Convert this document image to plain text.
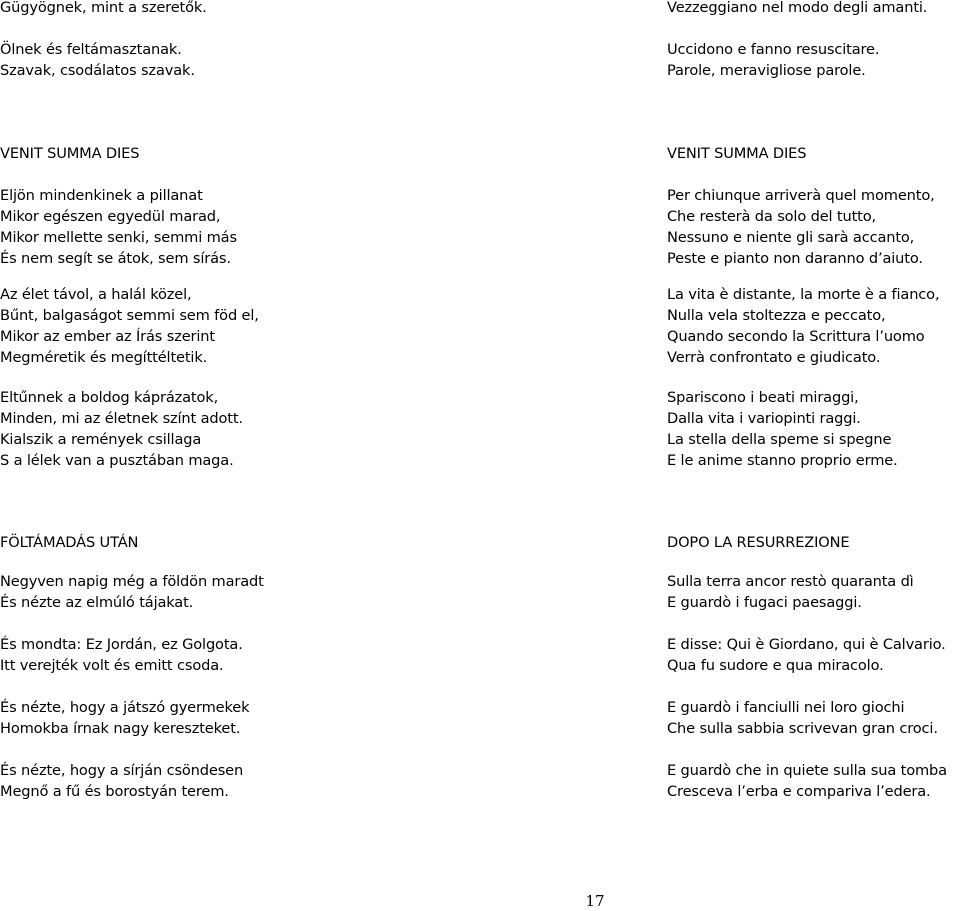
Gügyögnek, mint a szeretők.
Ölnek és feltámasztanak.
Szavak, csodálatos szavak.
VENIT SUMMA DIES
Eljön mindenkinek a pillanat
Mikor egészen egyedül marad,
Mikor mellette senki, semmi más
És nem segít se átok, sem sírás.
Az élet távol, a halál közel,
Bűnt, balgaságot semmi sem föd el,
Mikor az ember az Írás szerint
Megméretik és megíttéltetik.
Eltűnnek a boldog káprázatok,
Minden, mi az életnek színt adott.
Kialszik a remények csillaga
S a lélek van a pusztában maga.
FÖLTÁMADÁS UTÁN
Negyven napig még a földön maradt
És nézte az elmúló tájakat.
És mondta: Ez Jordán, ez Golgota.
Itt verejték volt és emitt csoda.
És nézte, hogy a játszó gyermekek
Homokba írnak nagy kereszteket.
És nézte, hogy a sírján csöndesen
Megnő a fű és borostyán terem.
Vezzeggiano nel modo degli amanti.
Uccidono e fanno resuscitare.
Parole, meravigliose parole.
VENIT SUMMA DIES
Per chiunque arriverà quel momento,
Che resterà da solo del tutto,
Nessuno e niente gli sarà accanto,
Peste e pianto non daranno d’aiuto.
La vita è distante, la morte è a fianco,
Nulla vela stoltezza e peccato,
Quando secondo la Scrittura l’uomo
Verrà confrontato e giudicato.
Spariscono i beati miraggi,
Dalla vita i variopinti raggi.
La stella della speme si spegne
E le anime stanno proprio erme.
DOPO LA RESURREZIONE
Sulla terra ancor restò quaranta dì
E guardò i fugaci paesaggi.
E disse: Qui è Giordano, qui è Calvario.
Qua fu sudore e qua miracolo.
E guardò i fanciulli nei loro giochi
Che sulla sabbia scrivevan gran croci.
E guardò che in quiete sulla sua tomba
Cresceva l’erba e compariva l’edera.
17
